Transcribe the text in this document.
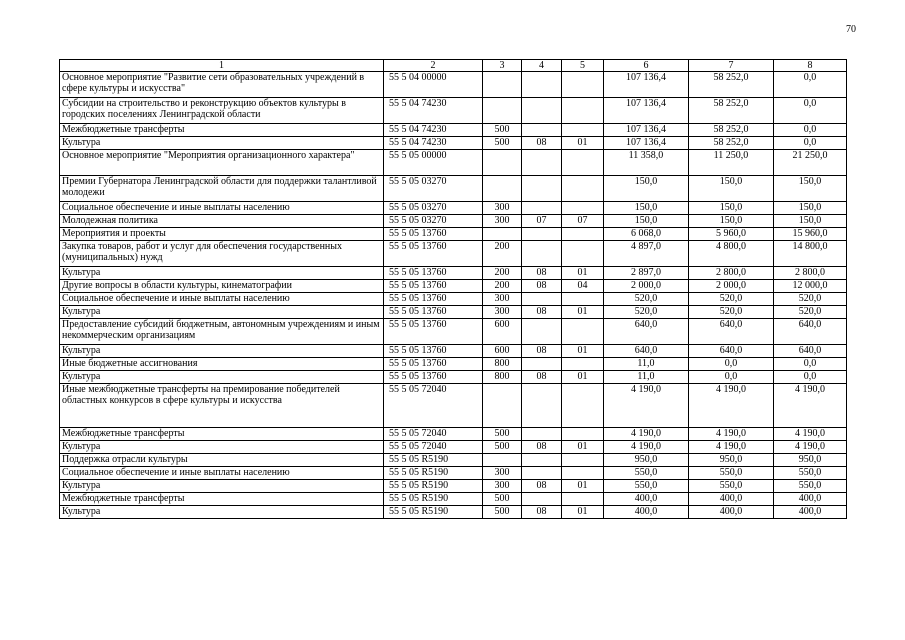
70
1	2	3	4	5	6	7	8
Основное мероприятие "Развитие сети образовательных учреждений в сфере культуры и искусства"	55 5 04 00000				107 136,4	58 252,0	0,0
Субсидии на строительство и реконструкцию объектов культуры в городских поселениях Ленинградской области	55 5 04 74230				107 136,4	58 252,0	0,0
Межбюджетные трансферты	55 5 04 74230	500			107 136,4	58 252,0	0,0
Культура	55 5 04 74230	500	08	01	107 136,4	58 252,0	0,0
Основное мероприятие "Мероприятия организационного характера"	55 5 05 00000				11 358,0	11 250,0	21 250,0
Премии Губернатора Ленинградской области для поддержки талантливой молодежи	55 5 05 03270				150,0	150,0	150,0
Социальное обеспечение и иные выплаты населению	55 5 05 03270	300			150,0	150,0	150,0
Молодежная политика	55 5 05 03270	300	07	07	150,0	150,0	150,0
Мероприятия и проекты	55 5 05 13760				6 068,0	5 960,0	15 960,0
Закупка товаров, работ и услуг для обеспечения государственных (муниципальных) нужд	55 5 05 13760	200			4 897,0	4 800,0	14 800,0
Культура	55 5 05 13760	200	08	01	2 897,0	2 800,0	2 800,0
Другие вопросы в области культуры, кинематографии	55 5 05 13760	200	08	04	2 000,0	2 000,0	12 000,0
Социальное обеспечение и иные выплаты населению	55 5 05 13760	300			520,0	520,0	520,0
Культура	55 5 05 13760	300	08	01	520,0	520,0	520,0
Предоставление субсидий бюджетным, автономным учреждениям и иным некоммерческим организациям	55 5 05 13760	600			640,0	640,0	640,0
Культура	55 5 05 13760	600	08	01	640,0	640,0	640,0
Иные бюджетные ассигнования	55 5 05 13760	800			11,0	0,0	0,0
Культура	55 5 05 13760	800	08	01	11,0	0,0	0,0
Иные межбюджетные трансферты на премирование победителей областных конкурсов в сфере культуры и искусства	55 5 05 72040				4 190,0	4 190,0	4 190,0
Межбюджетные трансферты	55 5 05 72040	500			4 190,0	4 190,0	4 190,0
Культура	55 5 05 72040	500	08	01	4 190,0	4 190,0	4 190,0
Поддержка отрасли культуры	55 5 05 R5190				950,0	950,0	950,0
Социальное обеспечение и иные выплаты населению	55 5 05 R5190	300			550,0	550,0	550,0
Культура	55 5 05 R5190	300	08	01	550,0	550,0	550,0
Межбюджетные трансферты	55 5 05 R5190	500			400,0	400,0	400,0
Культура	55 5 05 R5190	500	08	01	400,0	400,0	400,0
